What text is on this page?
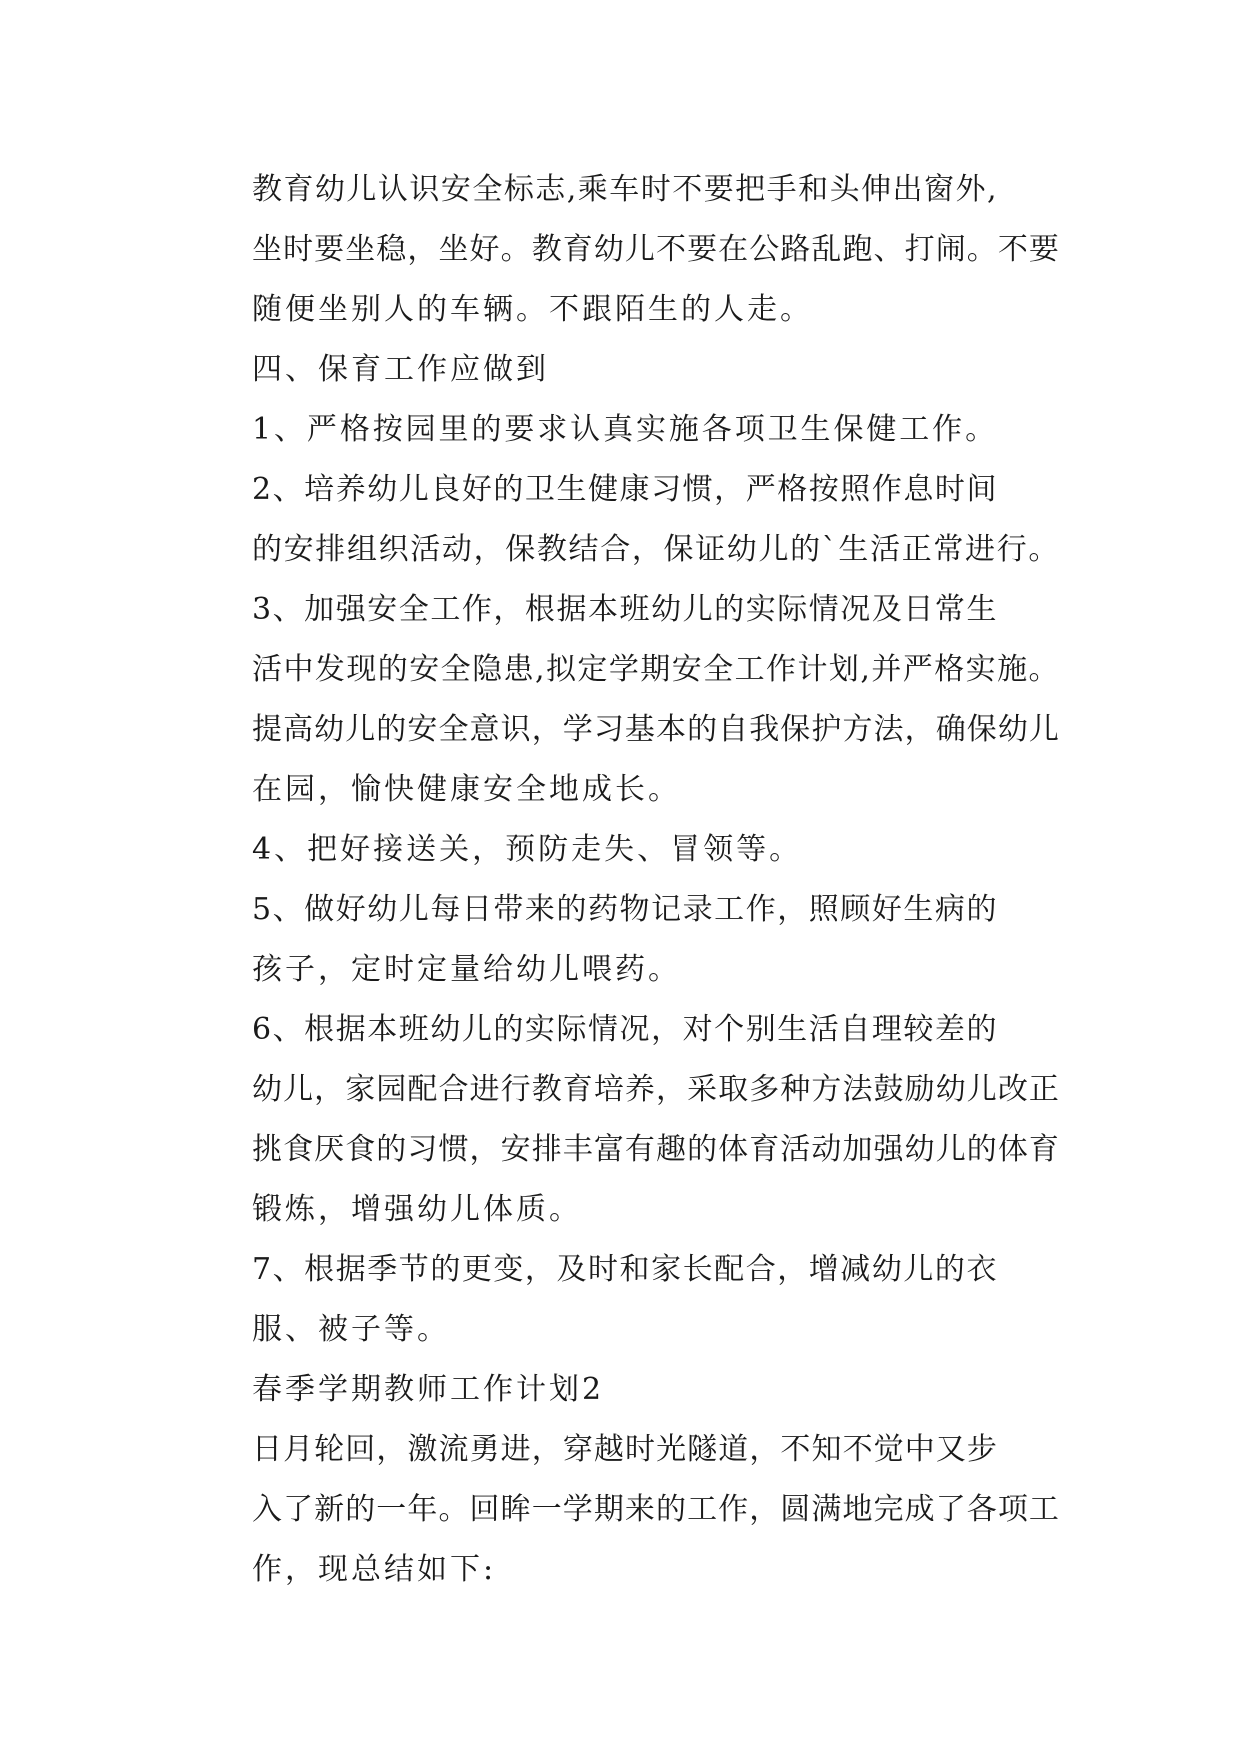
教育幼儿认识安全标志,乘车时不要把手和头伸出窗外,
坐时要坐稳，坐好。教育幼儿不要在公路乱跑、打闹。不要
随便坐别人的车辆。不跟陌生的人走。

四、保育工作应做到

1、严格按园里的要求认真实施各项卫生保健工作。

2、培养幼儿良好的卫生健康习惯，严格按照作息时间
的安排组织活动，保教结合，保证幼儿的`生活正常进行。

3、加强安全工作，根据本班幼儿的实际情况及日常生
活中发现的安全隐患,拟定学期安全工作计划,并严格实施。
提高幼儿的安全意识，学习基本的自我保护方法，确保幼儿
在园，愉快健康安全地成长。

4、把好接送关，预防走失、冒领等。

5、做好幼儿每日带来的药物记录工作，照顾好生病的
孩子，定时定量给幼儿喂药。

6、根据本班幼儿的实际情况，对个别生活自理较差的
幼儿，家园配合进行教育培养，采取多种方法鼓励幼儿改正
挑食厌食的习惯，安排丰富有趣的体育活动加强幼儿的体育
锻炼，增强幼儿体质。

7、根据季节的更变，及时和家长配合，增减幼儿的衣
服、被子等。

春季学期教师工作计划2

日月轮回，激流勇进，穿越时光隧道，不知不觉中又步
入了新的一年。回眸一学期来的工作，圆满地完成了各项工
作，现总结如下:
